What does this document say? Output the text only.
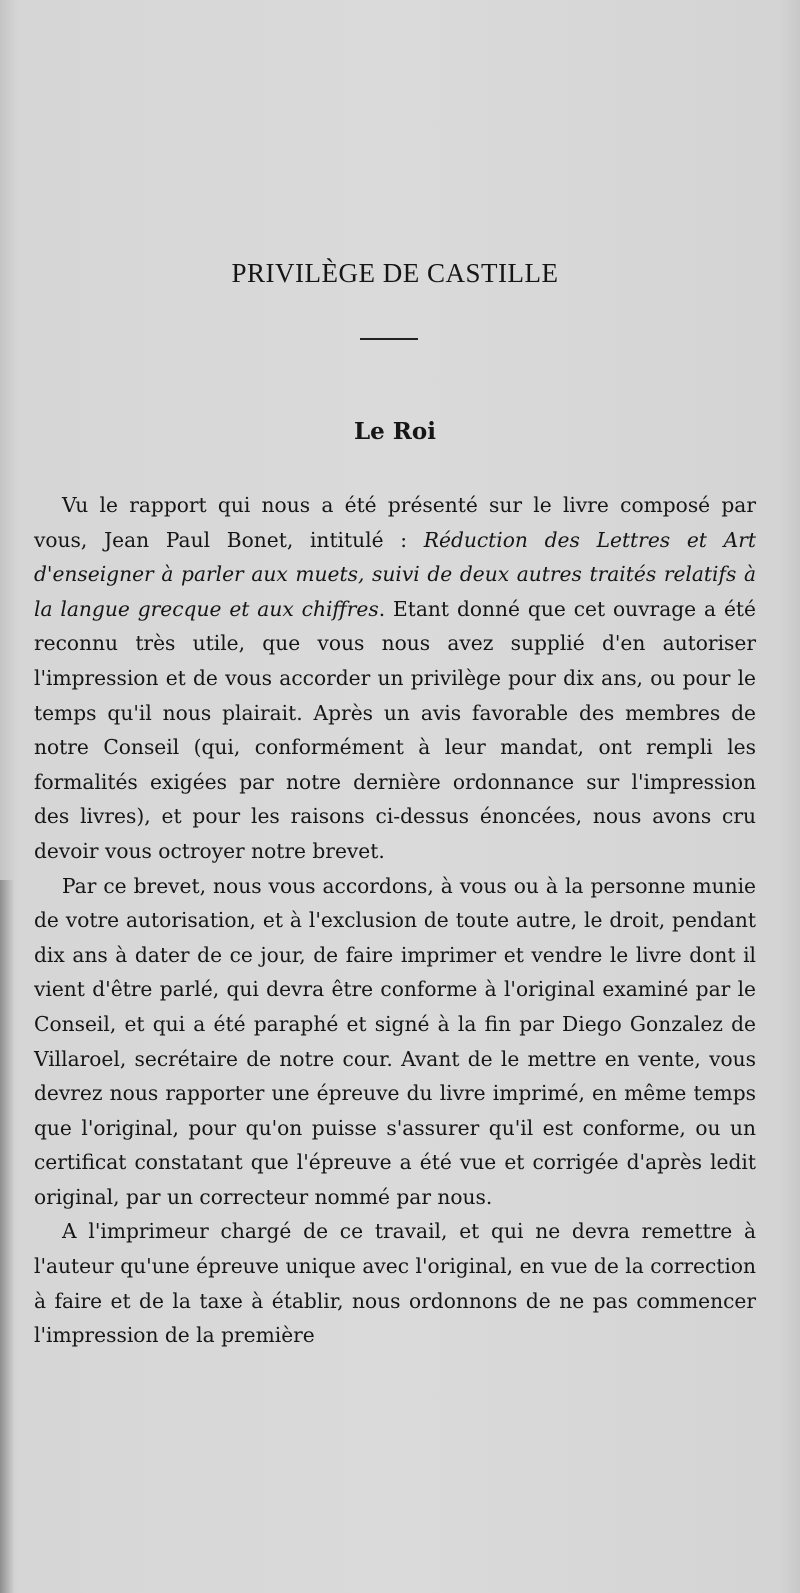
PRIVILÈGE DE CASTILLE
Le Roi

Vu le rapport qui nous a été présenté sur le livre composé par vous, Jean Paul Bonet, intitulé : Réduction des Lettres et Art d'enseigner à parler aux muets, suivi de deux autres traités relatifs à la langue grecque et aux chiffres. Etant donné que cet ouvrage a été reconnu très utile, que vous nous avez supplié d'en autoriser l'impression et de vous accorder un privilège pour dix ans, ou pour le temps qu'il nous plairait. Après un avis favorable des membres de notre Conseil (qui, conformément à leur mandat, ont rempli les formalités exigées par notre dernière ordonnance sur l'impression des livres), et pour les raisons ci-dessus énoncées, nous avons cru devoir vous octroyer notre brevet.

Par ce brevet, nous vous accordons, à vous ou à la personne munie de votre autorisation, et à l'exclusion de toute autre, le droit, pendant dix ans à dater de ce jour, de faire imprimer et vendre le livre dont il vient d'être parlé, qui devra être conforme à l'original examiné par le Conseil, et qui a été paraphé et signé à la fin par Diego Gonzalez de Villaroel, secrétaire de notre cour. Avant de le mettre en vente, vous devrez nous rapporter une épreuve du livre imprimé, en même temps que l'original, pour qu'on puisse s'assurer qu'il est conforme, ou un certificat constatant que l'épreuve a été vue et corrigée d'après ledit original, par un correcteur nommé par nous.

A l'imprimeur chargé de ce travail, et qui ne devra remettre à l'auteur qu'une épreuve unique avec l'original, en vue de la correction à faire et de la taxe à établir, nous ordonnons de ne pas commencer l'impression de la première
